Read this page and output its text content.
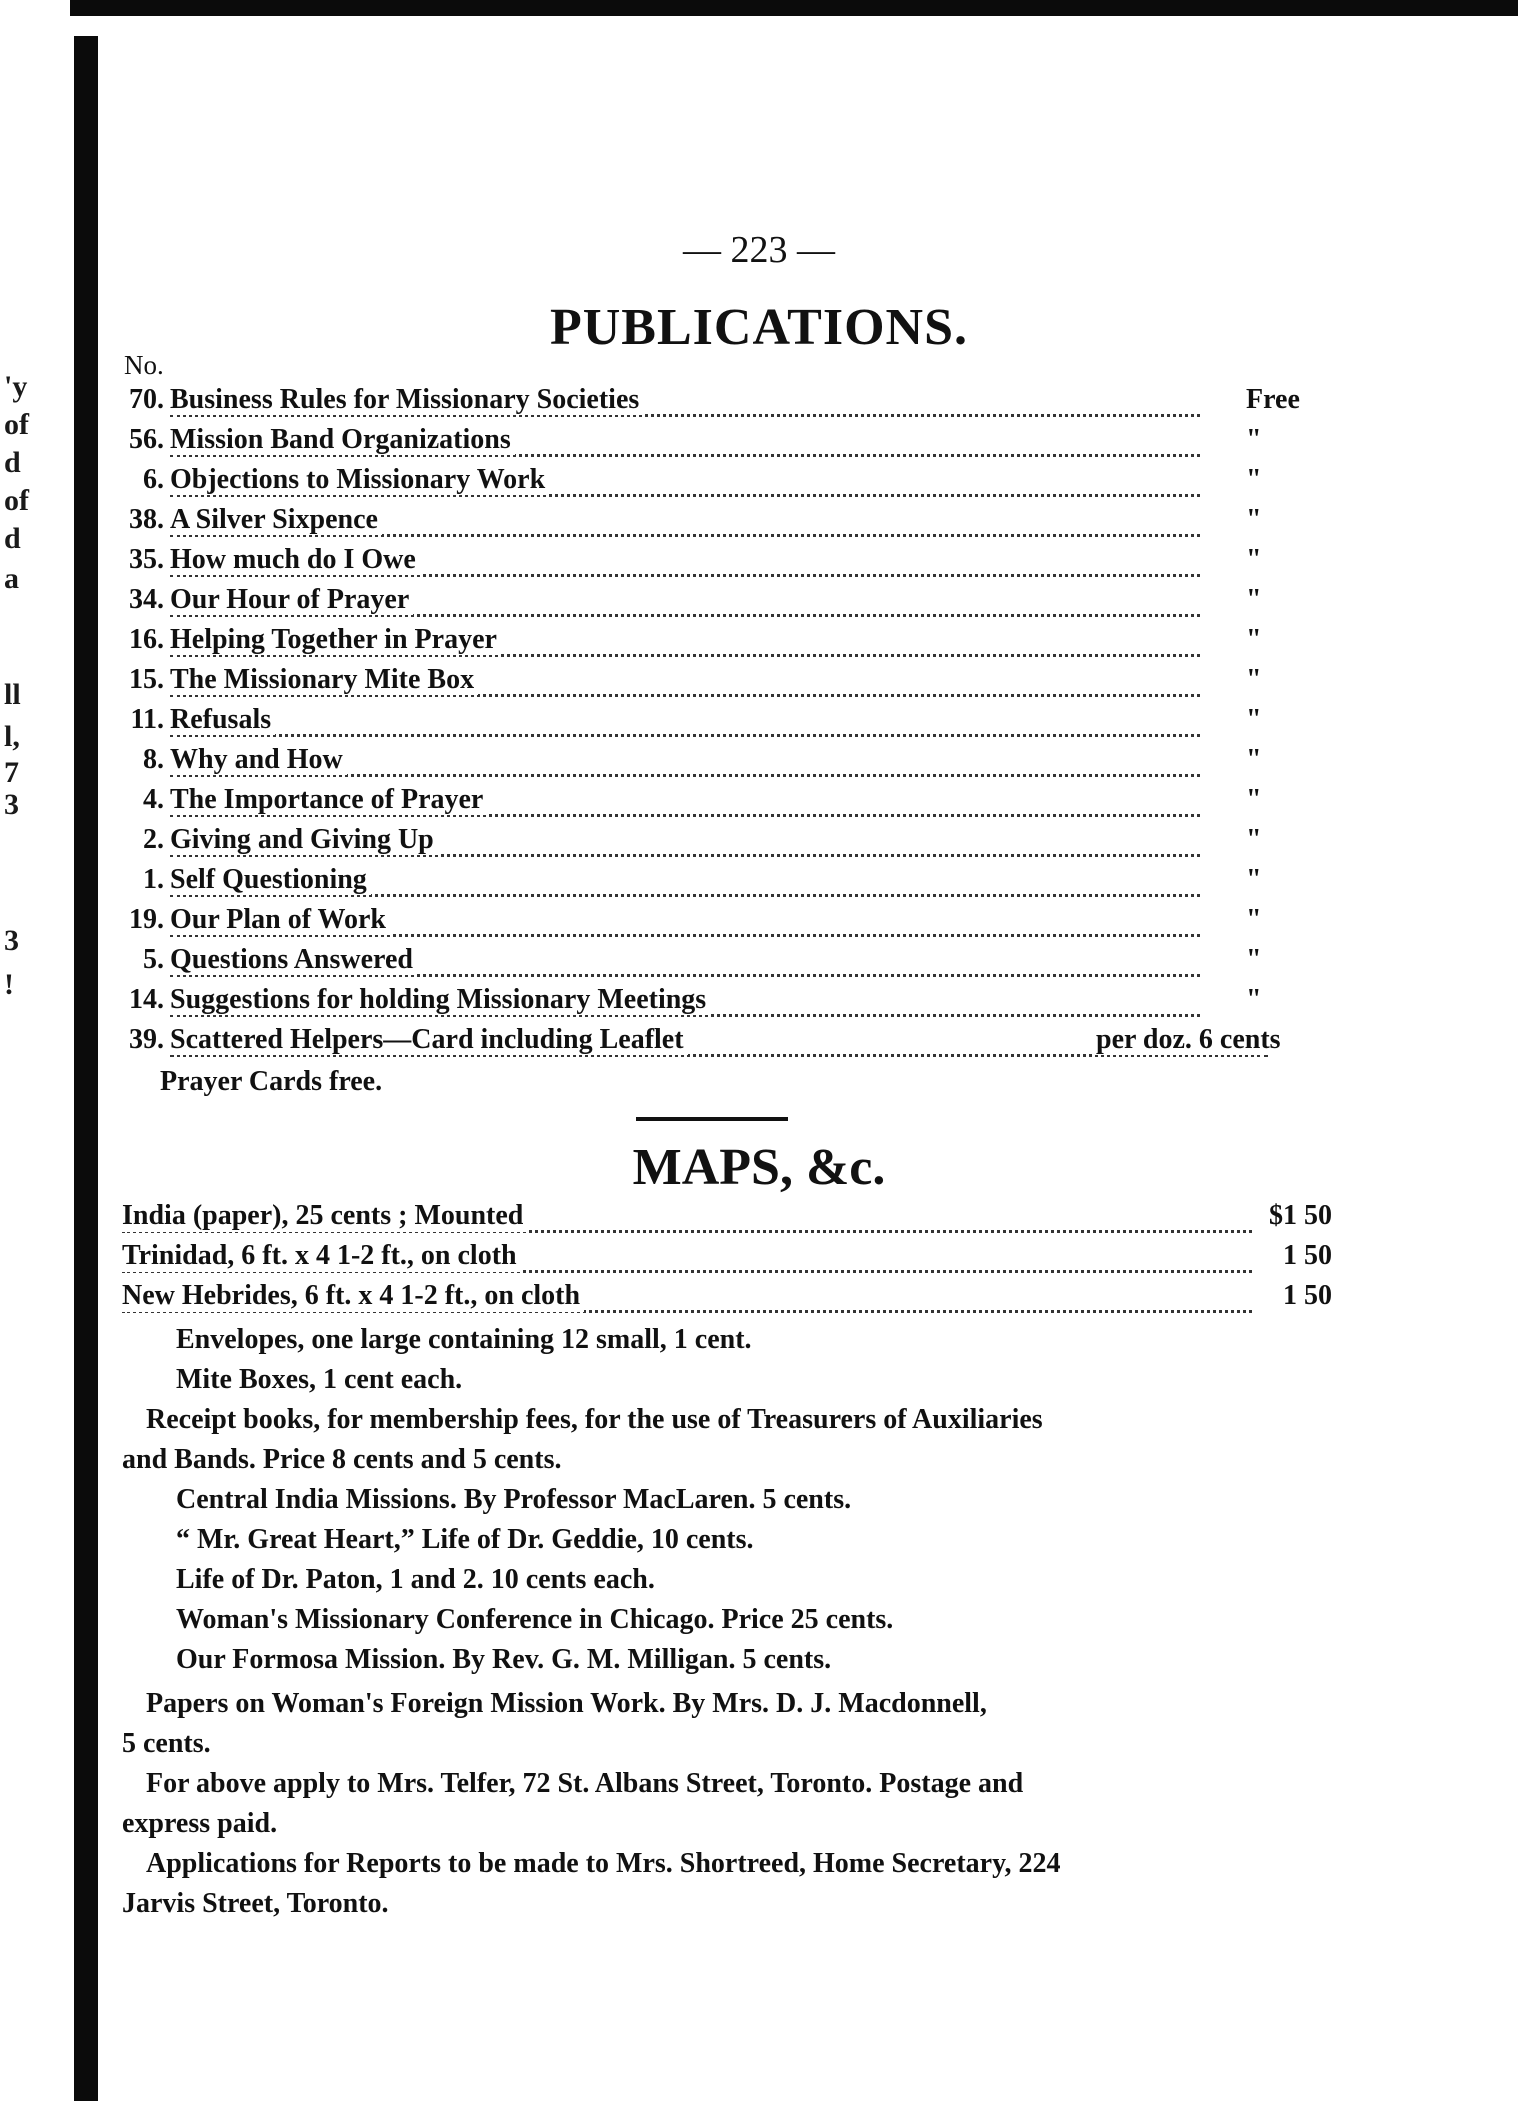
'y
of
d
of
d
a
ll
l,
7
3
3
!
— 223 —
PUBLICATIONS.
No.
70. Business Rules for Missionary Societies	Free
56. Mission Band Organizations	"
6. Objections to Missionary Work	"
38. A Silver Sixpence	"
35. How much do I Owe	"
34. Our Hour of Prayer	"
16. Helping Together in Prayer	"
15. The Missionary Mite Box	"
11. Refusals	"
8. Why and How	"
4. The Importance of Prayer	"
2. Giving and Giving Up	"
1. Self Questioning	"
19. Our Plan of Work	"
5. Questions Answered	"
14. Suggestions for holding Missionary Meetings	"
39. Scattered Helpers—Card including Leaflet	per doz. 6 cents
Prayer Cards free.
MAPS, &c.
India (paper), 25 cents ; Mounted	$1 50
Trinidad, 6 ft. x 4 1-2 ft., on cloth	1 50
New Hebrides, 6 ft. x 4 1-2 ft., on cloth	1 50
Envelopes, one large containing 12 small, 1 cent.
Mite Boxes, 1 cent each.
Receipt books, for membership fees, for the use of Treasurers of Auxiliaries
and Bands. Price 8 cents and 5 cents.
Central India Missions. By Professor MacLaren. 5 cents.
“ Mr. Great Heart,” Life of Dr. Geddie, 10 cents.
Life of Dr. Paton, 1 and 2. 10 cents each.
Woman's Missionary Conference in Chicago. Price 25 cents.
Our Formosa Mission. By Rev. G. M. Milligan. 5 cents.
Papers on Woman's Foreign Mission Work. By Mrs. D. J. Macdonnell,
5 cents.
For above apply to Mrs. Telfer, 72 St. Albans Street, Toronto. Postage and
express paid.
Applications for Reports to be made to Mrs. Shortreed, Home Secretary, 224
Jarvis Street, Toronto.
